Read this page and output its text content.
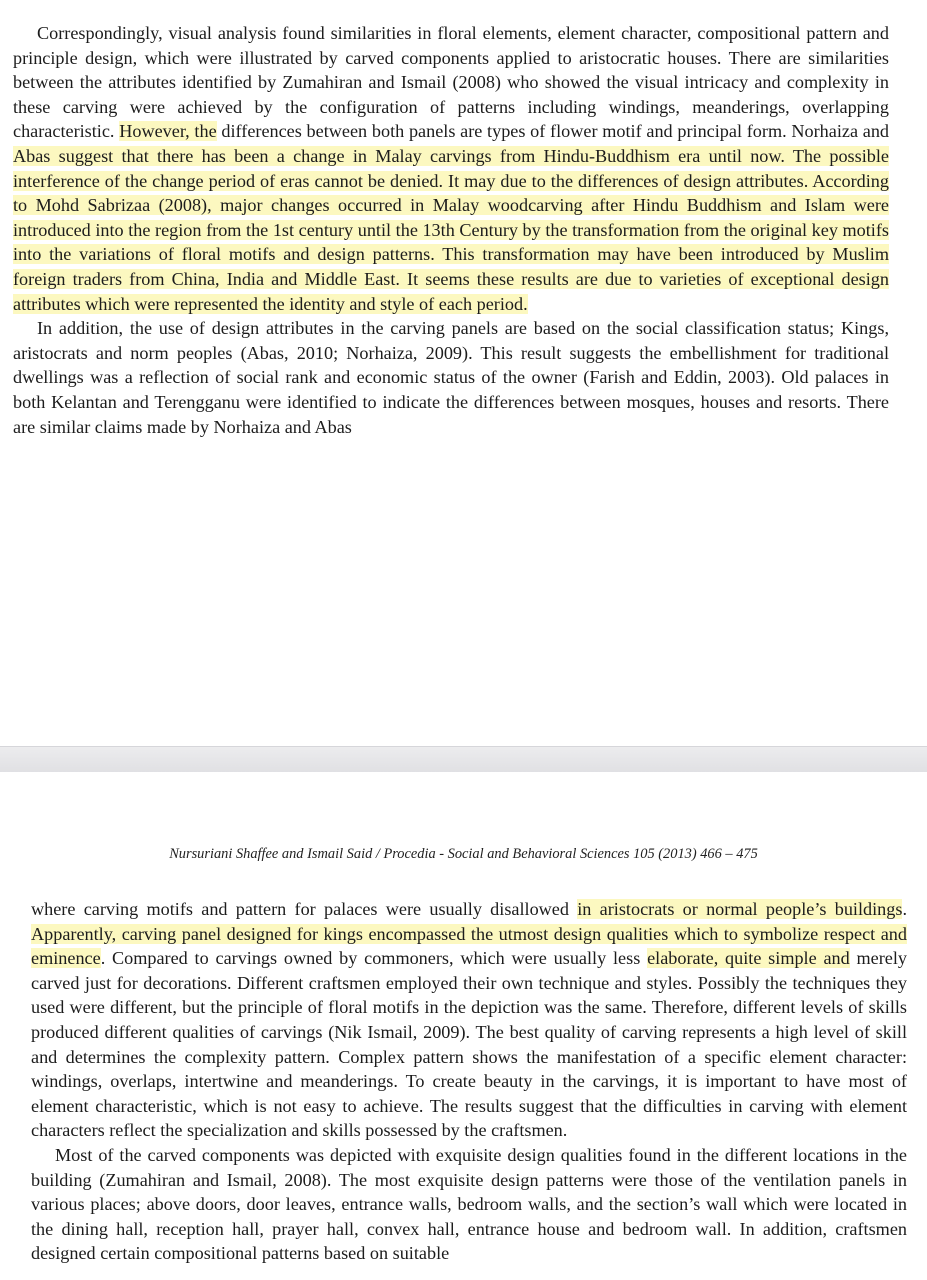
Correspondingly, visual analysis found similarities in floral elements, element character, compositional pattern and principle design, which were illustrated by carved components applied to aristocratic houses. There are similarities between the attributes identified by Zumahiran and Ismail (2008) who showed the visual intricacy and complexity in these carving were achieved by the configuration of patterns including windings, meanderings, overlapping characteristic. However, the differences between both panels are types of flower motif and principal form. Norhaiza and Abas suggest that there has been a change in Malay carvings from Hindu-Buddhism era until now. The possible interference of the change period of eras cannot be denied. It may due to the differences of design attributes. According to Mohd Sabrizaa (2008), major changes occurred in Malay woodcarving after Hindu Buddhism and Islam were introduced into the region from the 1st century until the 13th Century by the transformation from the original key motifs into the variations of floral motifs and design patterns. This transformation may have been introduced by Muslim foreign traders from China, India and Middle East. It seems these results are due to varieties of exceptional design attributes which were represented the identity and style of each period.

In addition, the use of design attributes in the carving panels are based on the social classification status; Kings, aristocrats and norm peoples (Abas, 2010; Norhaiza, 2009). This result suggests the embellishment for traditional dwellings was a reflection of social rank and economic status of the owner (Farish and Eddin, 2003). Old palaces in both Kelantan and Terengganu were identified to indicate the differences between mosques, houses and resorts. There are similar claims made by Norhaiza and Abas

Nursuriani Shaffee and Ismail Said / Procedia - Social and Behavioral Sciences 105 (2013) 466 – 475

where carving motifs and pattern for palaces were usually disallowed in aristocrats or normal people’s buildings. Apparently, carving panel designed for kings encompassed the utmost design qualities which to symbolize respect and eminence. Compared to carvings owned by commoners, which were usually less elaborate, quite simple and merely carved just for decorations. Different craftsmen employed their own technique and styles. Possibly the techniques they used were different, but the principle of floral motifs in the depiction was the same. Therefore, different levels of skills produced different qualities of carvings (Nik Ismail, 2009). The best quality of carving represents a high level of skill and determines the complexity pattern. Complex pattern shows the manifestation of a specific element character: windings, overlaps, intertwine and meanderings. To create beauty in the carvings, it is important to have most of element characteristic, which is not easy to achieve. The results suggest that the difficulties in carving with element characters reflect the specialization and skills possessed by the craftsmen.

Most of the carved components was depicted with exquisite design qualities found in the different locations in the building (Zumahiran and Ismail, 2008). The most exquisite design patterns were those of the ventilation panels in various places; above doors, door leaves, entrance walls, bedroom walls, and the section’s wall which were located in the dining hall, reception hall, prayer hall, convex hall, entrance house and bedroom wall. In addition, craftsmen designed certain compositional patterns based on suitable
